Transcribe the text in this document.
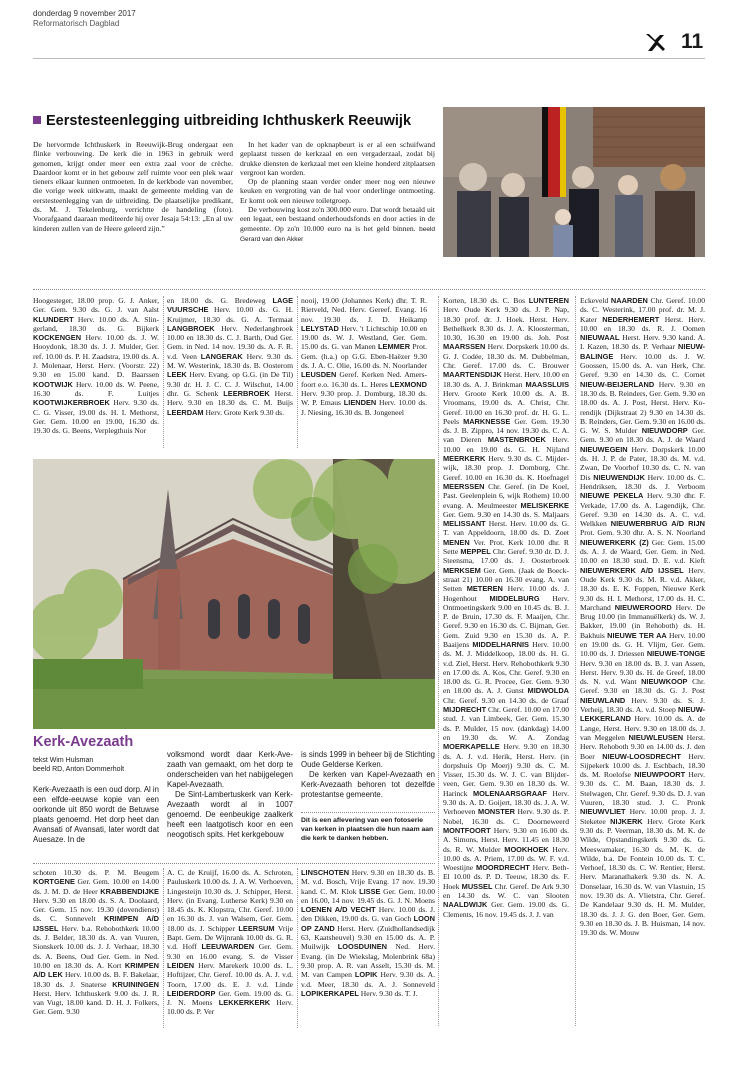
donderdag 9 november 2017
Reformatorisch Dagblad
11
Eerstesteenlegging uitbreiding Ichthuskerk Reeuwijk

De hervormde Ichthuskerk in Reeuwijk-Brug ondergaat een flinke verbouwing. De kerk die in 1963 in gebruik werd genomen, krijgt onder meer een extra zaal voor de crèche. Daardoor komt er in het gebouw zelf ruimte voor een plek waar tieners elkaar kunnen ontmoeten. In de kerkbode van november, die vorige week uitkwam, maakt de gemeente melding van de eerstesteenlegging van de uitbreiding. De plaatselijke predikant, ds. M. J. Tekelenburg, verrichtte de handeling (foto). Voorafgaand daaraan mediteerde hij over Jesaja 54:13: „En al uw kinderen zullen van de Heere geleerd zijn.”

In het kader van de opknapbeurt is er al een schuifwand geplaatst tussen de kerkzaal en een vergaderzaal, zodat bij drukke diensten de kerkzaal met een kleine honderd zitplaatsen vergroot kan worden.

Op de planning staan verder onder meer nog een nieuwe keuken en vergroting van de hal voor onderlinge ontmoeting. Er komt ook een nieuwe toiletgroep.

De verbouwing kost zo'n 300.000 euro. Dat wordt betaald uit een legaat, een bestaand onderhoudsfonds en door acties in de gemeente. Op zo'n 10.000 euro na is het geld binnen. beeld Gerard van den Akker

Hoogesteger, 18.00 prop. G. J. Anker, Ger. Gem. 9.30 ds. G. J. van Aalst KLUNDERT Herv. 10.00 ds. A. Slingerland, 18.30 ds. G. Bijkerk KOCKENGEN Herv. 10.00 ds. J. W. Hooydonk, 18.30 ds. J. J. Mulder, Ger. ref. 10.00 ds. P. H. Zaadstra, 19.00 ds. A. J. Molenaar, Herst. Herv. (Voorstr. 22) 9.30 en 15.00 kand. D. Baarssen KOOTWIJK Herv. 10.00 ds. W. Peene, 16.30 ds. F. Luitjes KOOTWIJKERBROEK Herv. 9.30 ds. C. G. Visser, 19.00 ds. H. I. Methorst, Ger. Gem. 10.00 en 19.00, 16.30 ds. 19.30 ds. G. Beens, Verplegthuis Nor

en 18.00 ds. G. Bredeweg LAGE VUURSCHE Herv. 10.00 ds. G. H. Kruijmer, 18.30 ds. G. A. Termaat LANGBROEK Herv. Nederlangbroek 10.00 en 18.30 ds. C. J. Barth, Oud Ger. Gem. in Ned. 14 nov. 19.30 ds. A. F. R. v.d. Veen LANGERAK Herv. 9.30 ds. M. W. Westerink, 18.30 ds. B. Oosterom LEEK Herv. Evang. op G.G. (in De Til) 9.30 dr. H. J. C. C. J. Wilschut, 14.00 dhr. G. Schenk LEERBROEK Herst. Herv. 9.30 en 18.30 ds. C. M. Buijs LEERDAM Herv. Grote Kerk 9.30 ds.

nooij, 19.00 (Johannes Kerk) dhr. T. R. Rietveld, Ned. Herv. Gereef. Evang. 16 nov. 19.30 ds. J. D. Heikamp LELYSTAD Herv. 't Lichtschip 10.00 en 19.00 ds. W. J. Westland, Ger. Gem. 15.00 ds. G. van Manen LEMMER Prot. Gem. (h.a.) op G.G. Eben-Haëzer 9.30 ds. J. A. C. Olie, 16.00 ds. N. Noorlander LEUSDEN Geref. Kerken Ned. Amersfoort e.o. 16.30 ds. L. Heres LEXMOND Herv. 9.30 prop. J. Domburg, 18.30 ds. W. P. Emaus LIENDEN Herv. 10.00 ds. J. Niesing, 16.30 ds. B. Jongeneel

Korten, 18.30 ds. C. Bos LUNTEREN Herv. Oude Kerk 9.30 ds. J. P. Nap, 18.30 prof. dr. J. Hoek. Herst. Herv. Bethelkerk 8.30 ds. J. A. Kloosterman, 10.30, 16.30 en 19.00 ds. Joh. Post MAARSSEN Herv. Dorpskerk 10.00 ds. G. J. Codée, 18.30 ds. M. Dubbelman, Chr. Geref. 17.00 ds. C. Brouwer MAARTENSDIJK Herst. Herv. 10.00 en 18.30 ds. A. J. Brinkman MAASSLUIS Herv. Groote Kerk 10.00 ds. A. B. Vroomans, 19.00 ds. A. Christ, Chr. Geref. 10.00 en 16.30 prof. dr. H. G. L. Peels MARKNESSE Ger. Gem. 19.30 ds. J. B. Zippro, 14 nov. 19.30 ds. C. A. van Dieren MASTENBROEK Herv. 10.00 en 19.00 ds. G. H. Nijland MEERKERK Herv. 9.30 ds. C. Mijderwijk, 18.30 prop. J. Domburg, Chr. Geref. 10.00 en 16.30 ds. K. Hoefnagel MEERSSEN Chr. Geref. (in De Koel, Past. Geelenplein 6, wijk Rothem) 10.00 evang. A. Meulmeester MELISKERKE Ger. Gem. 9.30 en 14.30 ds. S. Maljaars MELISSANT Herst. Herv. 10.00 ds. G. T. van Appeldoorn, 18.00 ds. D. Zoet MENEN Ver. Prot. Kerk 10.00 dhr. R Sette MEPPEL Chr. Geref. 9.30 dr. D. J. Steensma, 17.00 ds. J. Oosterbroek MERKSEM Ger. Gem. (Jaak de Boeckstraat 21) 10.00 en 16.30 evang. A. van Setten METEREN Herv. 10.00 ds. J. Hogenhout MIDDELBURG Herv. Ontmoetingskerk 9.00 en 10.45 ds. B. J. P. de Bruin, 17.30 ds. F. Maaijen, Chr. Geref. 9.30 en 16.30 ds. C. Bijman, Ger. Gem. Zuid 9.30 en 15.30 ds. A. P. Baaijens MIDDELHARNIS Herv. 10.00 ds. M. J. Middelkoop, 18.00 ds. H. G. v.d. Ziel, Herst. Herv. Rehobothkerk 9.30 en 17.00 ds. A. Kos, Chr. Geref. 9.30 en 18.00 ds. G. R. Procee, Ger. Gem. 9.30 en 18.00 ds. A. J. Gunst MIDWOLDA Chr. Geref. 9.30 en 14.30 ds. de Graaf MIJDRECHT Chr. Geref. 10.00 en 17.00 stud. J. van Limbeek, Ger. Gem. 15.30 ds. P. Mulder, 15 nov. (dankdag) 14.00 en 19.30 ds. W. A. Zondag MOERKAPELLE Herv. 9.30 en 18.30 ds. A. J. v.d. Herik, Herst. Herv. (in dorpshuis Op Moerj) 9.30 ds. C. M. Visser, 15.30 ds. W. J. C. van Blijderveen, Ger. Gem. 9.30 en 18.30 ds. W. Harinck MOLENAARSGRAAF Herv. 9.30 ds. A. D. Goijert, 18.30 ds. J. A. W. Verhoeven MONSTER Herv. 9.30 ds. P. Nobel, 16.30 ds. C. Doorneweerd MONTFOORT Herv. 9.30 en 16.00 ds. A. Simons, Herst. Herv. 11.45 en 18.30 ds. R. W. Mulder MOOKHOEK Herv. 10.00 ds. A. Priem, 17.00 ds. W. F. v.d. Woestijne MOORDRECHT Herv. Beth-El 10.00 ds. P. D. Teeuw, 18.30 ds. F. Hoek MUSSEL Chr. Geref. De Ark 9.30 en 14.30 ds. W. C. van Slooten NAALDWIJK Ger. Gem. 19.00 ds. G. Clements, 16 nov. 19.45 ds. J. J. van

Eckeveld NAARDEN Chr. Geref. 10.00 ds. C. Westerink, 17.00 prof. dr. M. J. Kater NEDERHEMERT Herst. Herv. 10.00 en 18.30 ds. R. J. Oomen NIEUWAAL Herst. Herv. 9.30 kand. A. I. Kazen, 18.30 ds. P. Verhaar NIEUW-BALINGE Herv. 10.00 ds. J. W. Goossen, 15.00 ds. A. van Herk, Chr. Geref. 9.30 en 14.30 ds. C. Cornet NIEUW-BEIJERLAND Herv. 9.30 en 18.30 ds. B. Reinders, Ger. Gem. 9.30 en 18.00 ds. A. J. Post, Herst. Herv. Korendijk (Dijkstraat 2) 9.30 en 14.30 ds. B. Reinders, Ger. Gem. 9.30 en 16.00 ds. G. W. S. Mulder NIEUWDORP Ger. Gem. 9.30 en 18.30 ds. A. J. de Waard NIEUWEGEIN Herv. Dorpskerk 10.00 ds. H. J. P. de Pater, 18.30 ds. M. v.d. Zwan, De Voorhof 10.30 ds. C. N. van Dis NIEUWENDIJK Herv. 10.00 ds. C. Hendriksen, 18.30 ds. J. Verboom NIEUWE PEKELA Herv. 9.30 dhr. F. Verkade, 17.00 ds. A. Lagendijk, Chr. Geref. 9.30 en 14.30 ds. A. C. v.d. Welkken NIEUWERBRUG A/D RIJN Prot. Gem. 9.30 dhr. A. S. N. Noorland NIEUWERKERK (Z) Ger. Gem. 15.00 ds. A. J. de Waard, Ger. Gem. in Ned. 10.00 en 18.30 stud. D. E. v.d. Kieft NIEUWERKERK A/D IJSSEL Herv. Oude Kerk 9.30 ds. M. R. v.d. Akker, 18.30 ds. E. K. Foppen, Nieuwe Kerk 9.30 ds. H. I. Methorst, 17.00 ds. H. C. Marchand NIEUWEROORD Herv. De Brug 10.00 (in Immanuëlkerk) ds. W. J. Bakker, 19.00 (in Rehoboth) ds. H. Bakhuis NIEUWE TER AA Herv. 10.00 en 19.00 ds. G. H. Vlijm, Ger. Gem. 10.00 ds. J. Driessen NIEUWE-TONGE Herv. 9.30 en 18.00 ds. B. J. van Assen, Herst. Herv. 9.30 ds. H. de Greef, 18.00 ds. N. v.d. Want NIEUWKOOP Chr. Geref. 9.30 en 18.30 ds. G. J. Post NIEUWLAND Herv. 9.30 ds. S. J. Verheij, 18.30 ds. A. v.d. Stoep NIEUW-LEKKERLAND Herv. 10.00 ds. A. de Lange, Herst. Herv. 9.30 en 18.00 ds. J. van Meggelen NIEUWLEUSEN Herst. Herv. Rehoboth 9.30 en 14.00 ds. J. den Boer NIEUW-LOOSDRECHT Herv. Sijpekerk 10.00 ds. J. Eschbach, 18.30 ds. M. Roelofse NIEUWPOORT Herv. 9.30 ds. C. M. Baan, 18.30 ds. J. Stelwagen, Chr. Geref. 9.30 ds. D. J. van Vuuren, 18.30 stud. J. C. Pronk NIEUWVLIET Herv. 10.00 prop. J. J. Steketee NIJKERK Herv. Grote Kerk 9.30 ds. P. Veerman, 18.30 ds. M. K. de Wilde, Opstandingskerk 9.30 ds. G. Meeswamaker, 16.30 ds. M. K. de Wilde, b.a. De Fontein 10.00 ds. T. C. Verhoef, 18.30 ds. C. W. Rentier, Herst. Herv. Maranathakerk 9.30 ds. N. A. Donselaar, 16.30 ds. W. van Vlastuin, 15 nov. 19.30 ds. A. Vlietstra, Chr. Geref. De Kandelaar 9.30 ds. H. M. Mulder, 18.30 ds. J. J. G. den Boer, Ger. Gem. 9.30 en 18.30 ds. J. B. Huisman, 14 nov. 19.30 ds. W. Mouw

Kerk-Avezaath
tekst Wim Hulsman
beeld RD, Anton Dommerholt

Kerk-Avezaath is een oud dorp. Al in een elfde-eeuwse kopie van een oorkonde uit 850 wordt de Betuwse plaats genoemd. Het dorp heet dan Avansati of Avansati, later wordt dat Auesaze. In de

volksmond wordt daar Kerk-Avezaath van gemaakt, om het dorp te onderscheiden van het nabijgelegen Kapel-Avezaath.

De Sint-Lambertuskerk van Kerk-Avezaath wordt al in 1007 genoemd. De eenbeukige zaalkerk heeft een laatgotisch koor en een neogotisch spits. Het kerkgebouw

is sinds 1999 in beheer bij de Stichting Oude Gelderse Kerken.

De kerken van Kapel-Avezaath en Kerk-Avezaath behoren tot dezelfde protestantse gemeente.

Dit is een aflevering van een fotoserie van kerken in plaatsen die hun naam aan die kerk te danken hebben.

schoten 10.30 ds. P. M. Beugem KORTGENE Ger. Gem. 10.00 en 14.00 ds. J. M. D. de Heer KRABBENDIJKE Herv. 9.30 en 18.00 ds. S. A. Doolaard, Ger. Gem. 15 nov. 19.30 (dovendienst) ds. C. Sonnevelt KRIMPEN A/D IJSSEL Herv. b.a. Rehobothkerk 10.00 ds. J. Belder, 18.30 ds. A. van Vuuren, Sionskerk 10.00 ds. J. J. Verhaar, 18.30 ds. A. Beens, Oud Ger. Gem. in Ned. 10.00 en 18.30 ds. A. Kort KRIMPEN A/D LEK Herv. 10.00 ds. B. F. Bakelaar, 18.30 ds. J. Snaterse KRUININGEN Herst. Herv. Ichthuskerk 9.00 ds. J. R. van Vugt, 18.00 kand. D. H. J. Folkers, Ger. Gem. 9.30

A. C. de Kruijf, 16.00 ds. A. Schroten, Pauluskerk 10.00 ds. J. A. W. Verhoeven, Lingesteijn 10.30 ds. J. Schipper, Herst. Herv. (in Evang. Lutherse Kerk) 9.30 en 18.45 ds. K. Klopstra, Chr. Geref. 10.00 en 16.30 ds. J. van Walsem, Ger. Gem. 18.00 ds. J. Schipper LEERSUM Vrije Bapt. Gem. De Wijnrank 10.00 ds. G. R. v.d. Hoff LEEUWARDEN Ger. Gem. 9.30 en 16.00 evang. S. de Visser LEIDEN Herv. Marekerk 10.00 ds. L. Hoftijzer, Chr. Geref. 10.00 ds. A. J. v.d. Toorn, 17.00 ds. E. J. v.d. Linde LEIDERDORP Ger. Gem. 19.00 ds. G. J. N. Moens LEKKERKERK Herv. 10.00 ds. P. Ver

LINSCHOTEN Herv. 9.30 en 18.30 ds. B. M. v.d. Bosch, Vrije Evang. 17 nov. 19.30 kand. C. M. Klok LISSE Ger. Gem. 10.00 en 16.00, 14 nov. 19.45 ds. G. J. N. Moens LOENEN A/D VECHT Herv. 10.00 ds. J. den Dikken, 19.00 ds. G. van Goch LOON OP ZAND Herst. Herv. (Zuidhollandsedijk 63, Kaatsheuvel) 9.30 en 15.00 ds. A. P. Muilwijk LOOSDUINEN Ned. Herv. Evang. (in De Wiekslag, Molenbrink 68a) 9.30 prop. A. R. van Asselt, 15.30 ds. M. M. van Campen LOPIK Herv. 9.30 ds. A. v.d. Meer, 18.30 ds. A. J. Sonneveld LOPIKERKAPEL Herv. 9.30 ds. T. J.
